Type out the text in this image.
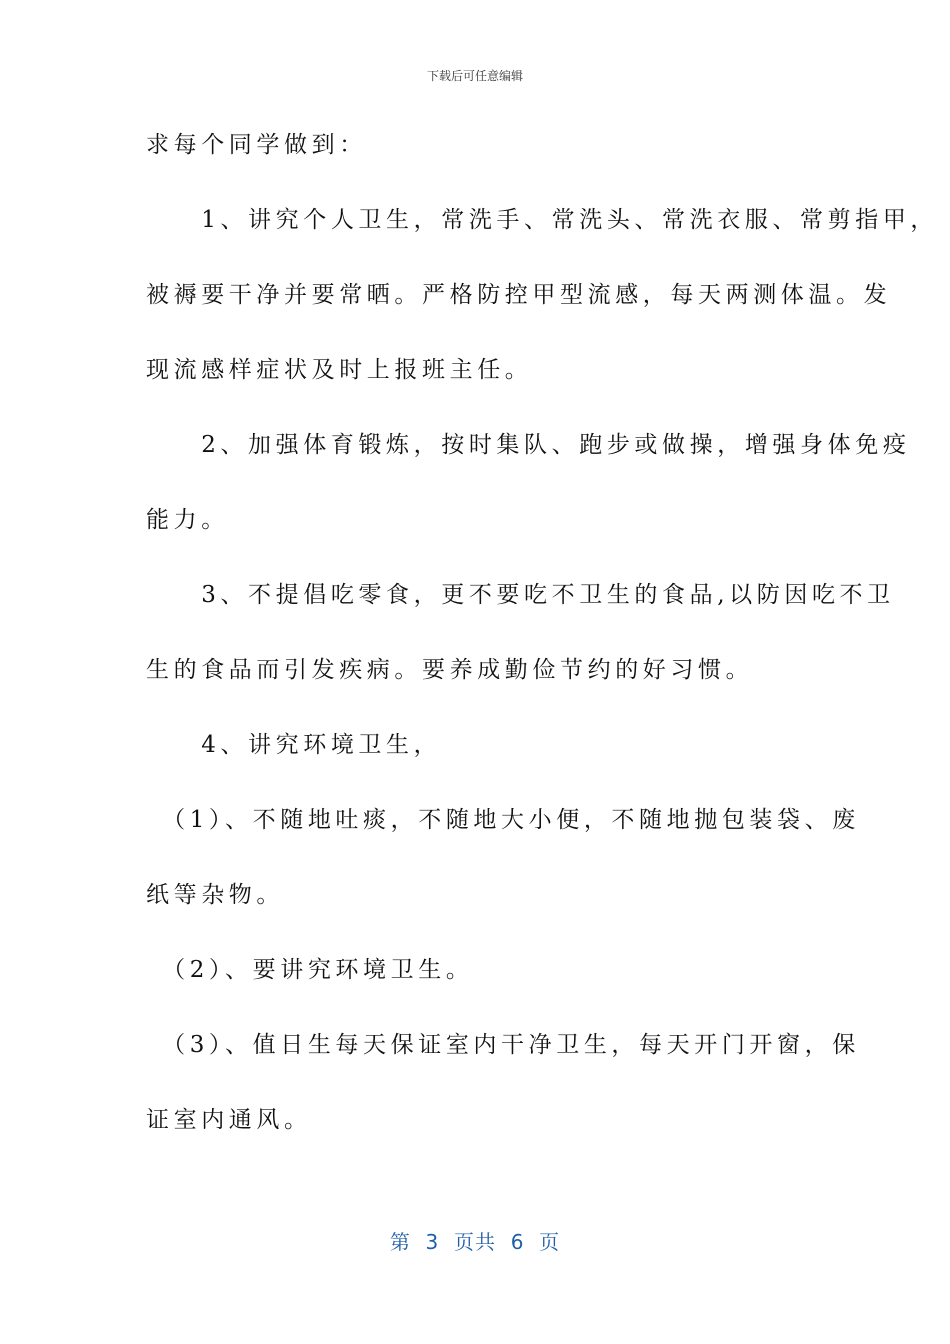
下载后可任意编辑
求每个同学做到：
　　1、讲究个人卫生，常洗手、常洗头、常洗衣服、常剪指甲，
被褥要干净并要常晒。严格防控甲型流感，每天两测体温。发
现流感样症状及时上报班主任。
　　2、加强体育锻炼，按时集队、跑步或做操，增强身体免疫
能力。
　　3、不提倡吃零食，更不要吃不卫生的食品,以防因吃不卫
生的食品而引发疾病。要养成勤俭节约的好习惯。
　　4、讲究环境卫生，
　（1）、不随地吐痰，不随地大小便，不随地抛包装袋、废
纸等杂物。
　（2）、要讲究环境卫生。
　（3）、值日生每天保证室内干净卫生，每天开门开窗，保
证室内通风。
第  3  页共  6  页
